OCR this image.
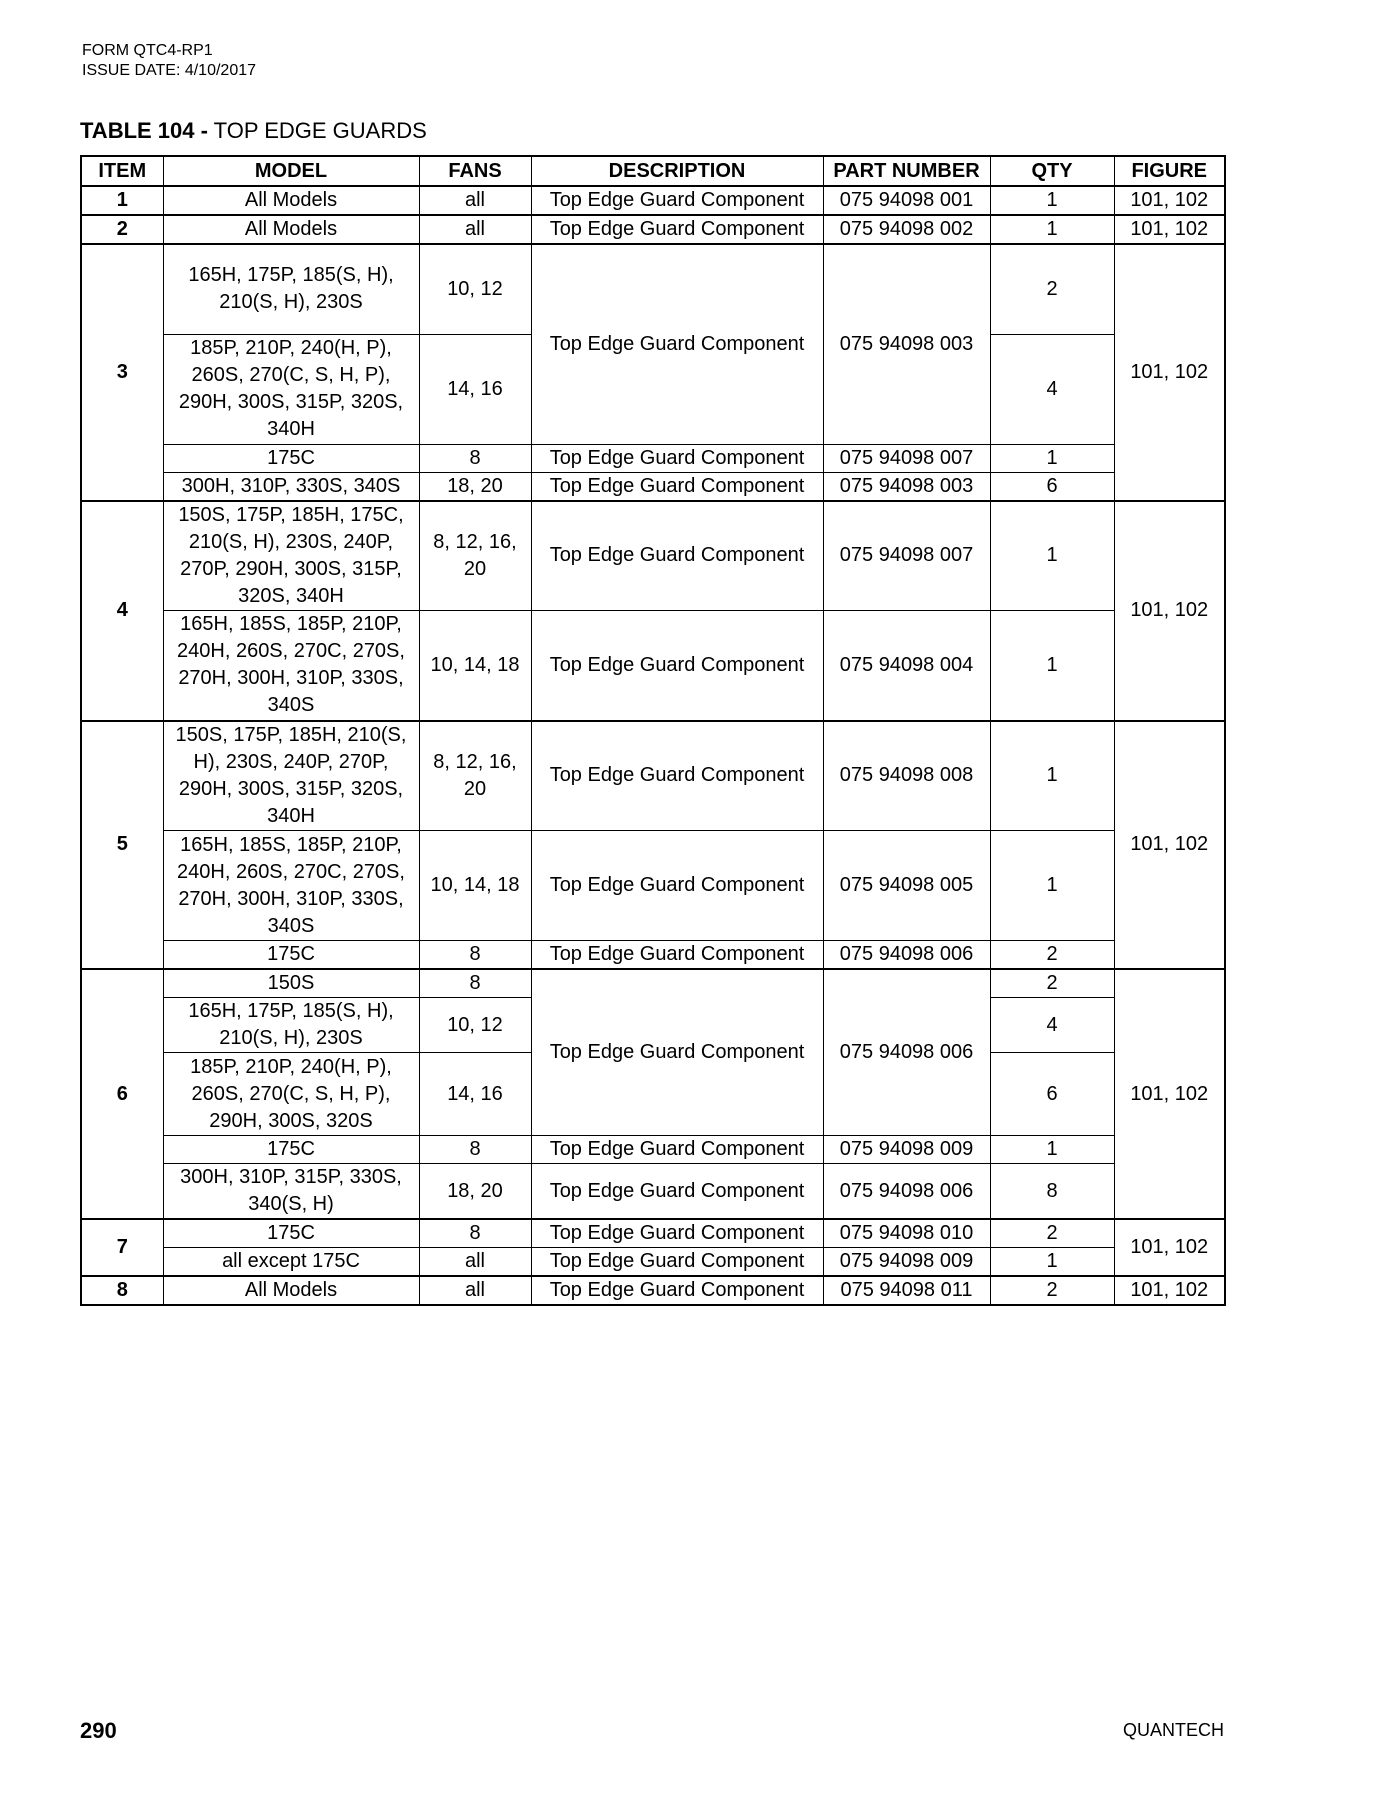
FORM QTC4-RP1
ISSUE DATE: 4/10/2017
TABLE 104 - TOP EDGE GUARDS
ITEM	MODEL	FANS	DESCRIPTION	PART NUMBER	QTY	FIGURE
1	All Models	all	Top Edge Guard Component	075 94098 001	1	101, 102
2	All Models	all	Top Edge Guard Component	075 94098 002	1	101, 102
3	165H, 175P, 185(S, H), 210(S, H), 230S	10, 12	Top Edge Guard Component	075 94098 003	2	101, 102
	185P, 210P, 240(H, P), 260S, 270(C, S, H, P), 290H, 300S, 315P, 320S, 340H	14, 16			4	
	175C	8	Top Edge Guard Component	075 94098 007	1	
	300H, 310P, 330S, 340S	18, 20	Top Edge Guard Component	075 94098 003	6	
4	150S, 175P, 185H, 175C, 210(S, H), 230S, 240P, 270P, 290H, 300S, 315P, 320S, 340H	8, 12, 16, 20	Top Edge Guard Component	075 94098 007	1	101, 102
	165H, 185S, 185P, 210P, 240H, 260S, 270C, 270S, 270H, 300H, 310P, 330S, 340S	10, 14, 18	Top Edge Guard Component	075 94098 004	1	
5	150S, 175P, 185H, 210(S, H), 230S, 240P, 270P, 290H, 300S, 315P, 320S, 340H	8, 12, 16, 20	Top Edge Guard Component	075 94098 008	1	101, 102
	165H, 185S, 185P, 210P, 240H, 260S, 270C, 270S, 270H, 300H, 310P, 330S, 340S	10, 14, 18	Top Edge Guard Component	075 94098 005	1	
	175C	8	Top Edge Guard Component	075 94098 006	2	
6	150S	8	Top Edge Guard Component	075 94098 006	2	101, 102
	165H, 175P, 185(S, H), 210(S, H), 230S	10, 12			4	
	185P, 210P, 240(H, P), 260S, 270(C, S, H, P), 290H, 300S, 320S	14, 16			6	
	175C	8	Top Edge Guard Component	075 94098 009	1	
	300H, 310P, 315P, 330S, 340(S, H)	18, 20	Top Edge Guard Component	075 94098 006	8	
7	175C	8	Top Edge Guard Component	075 94098 010	2	101, 102
	all except 175C	all	Top Edge Guard Component	075 94098 009	1	
8	All Models	all	Top Edge Guard Component	075 94098 011	2	101, 102
290	QUANTECH
